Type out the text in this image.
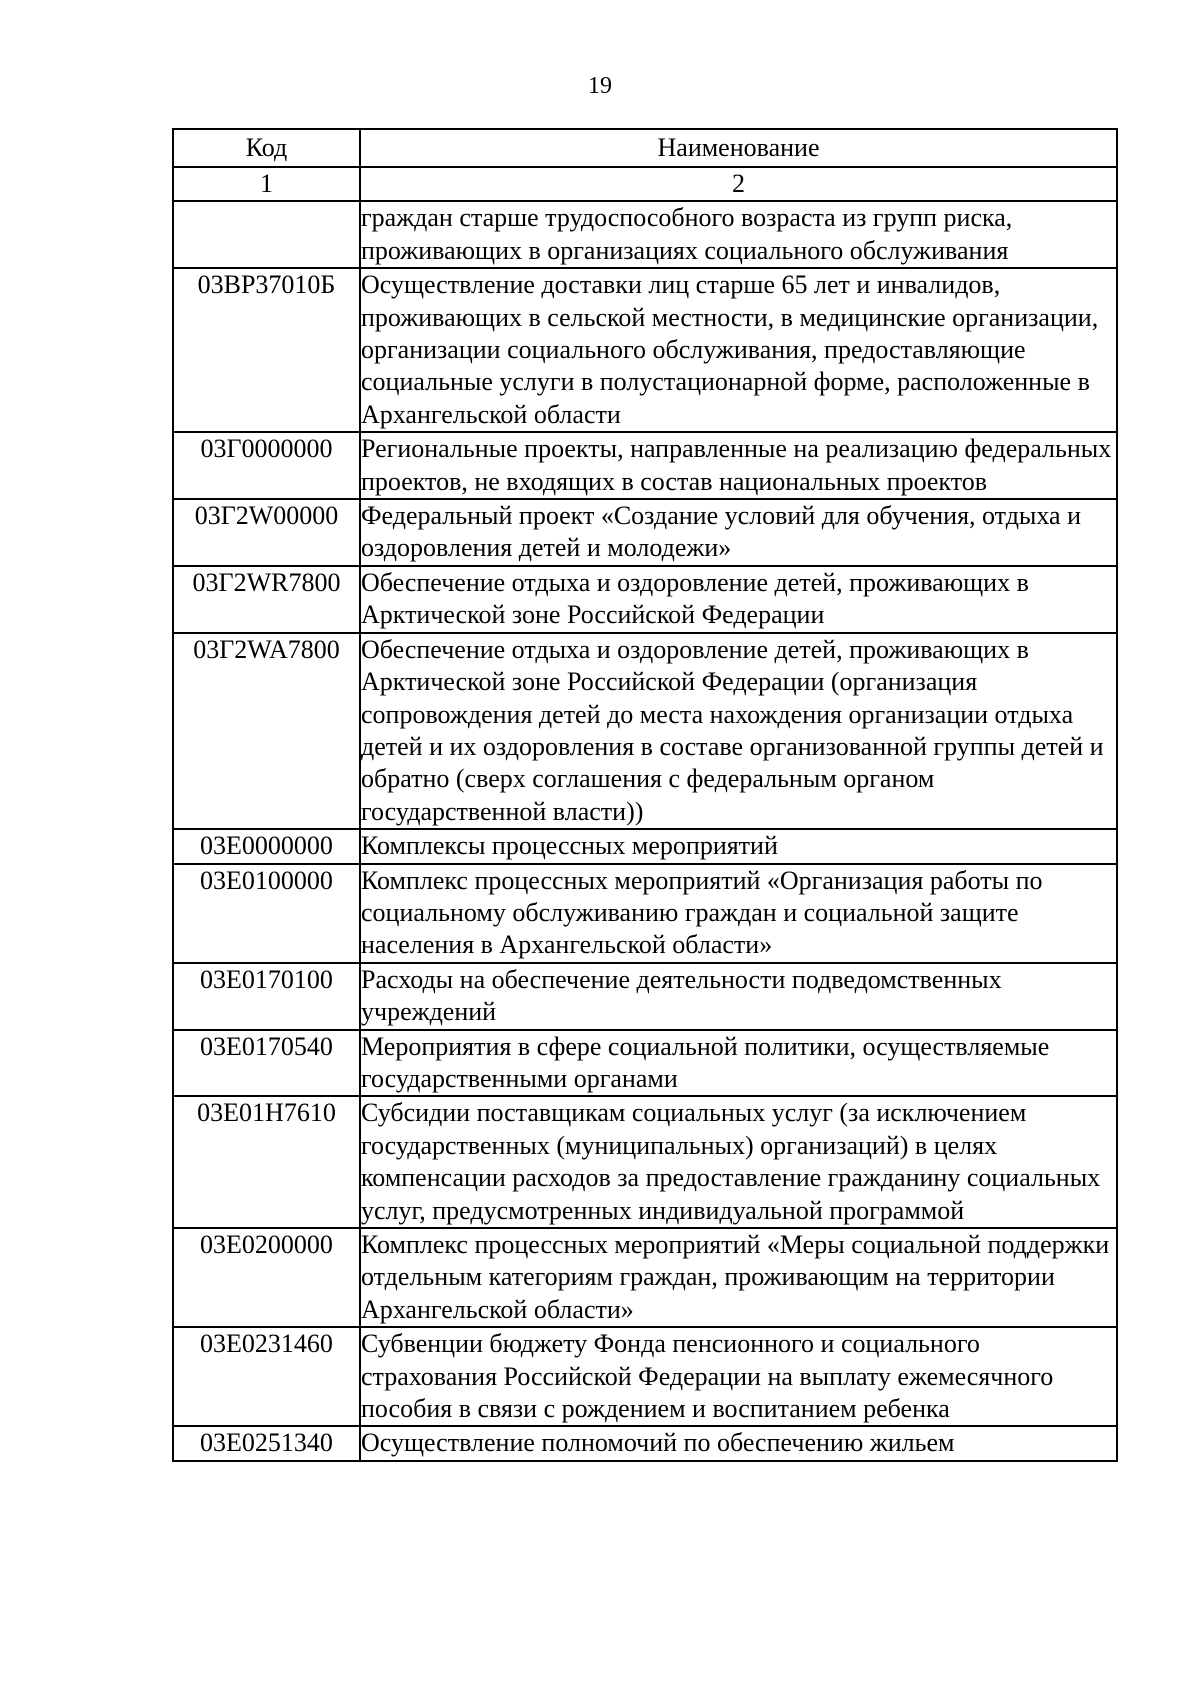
19
Код	Наименование
1	2
	граждан старше трудоспособного возраста из групп риска, проживающих в организациях социального обслуживания
03ВР37010Б	Осуществление доставки лиц старше 65 лет и инвалидов, проживающих в сельской местности, в медицинские организации, организации социального обслуживания, предоставляющие социальные услуги в полустационарной форме, расположенные в Архангельской области
03Г0000000	Региональные проекты, направленные на реализацию федеральных проектов, не входящих в состав национальных проектов
03Г2W00000	Федеральный проект «Создание условий для обучения, отдыха и оздоровления детей и молодежи»
03Г2WR7800	Обеспечение отдыха и оздоровление детей, проживающих в Арктической зоне Российской Федерации
03Г2WA7800	Обеспечение отдыха и оздоровление детей, проживающих в Арктической зоне Российской Федерации (организация сопровождения детей до места нахождения организации отдыха детей и их оздоровления в составе организованной группы детей и обратно (сверх соглашения с федеральным органом государственной власти))
03Е0000000	Комплексы процессных мероприятий
03Е0100000	Комплекс процессных мероприятий «Организация работы по социальному обслуживанию граждан и социальной защите населения в Архангельской области»
03Е0170100	Расходы на обеспечение деятельности подведомственных учреждений
03Е0170540	Мероприятия в сфере социальной политики, осуществляемые государственными органами
03Е01Н7610	Субсидии поставщикам социальных услуг (за исключением государственных (муниципальных) организаций) в целях компенсации расходов за предоставление гражданину социальных услуг, предусмотренных индивидуальной программой
03Е0200000	Комплекс процессных мероприятий «Меры социальной поддержки отдельным категориям граждан, проживающим на территории Архангельской области»
03Е0231460	Субвенции бюджету Фонда пенсионного и социального страхования Российской Федерации на выплату ежемесячного пособия в связи с рождением и воспитанием ребенка
03Е0251340	Осуществление полномочий по обеспечению жильем
